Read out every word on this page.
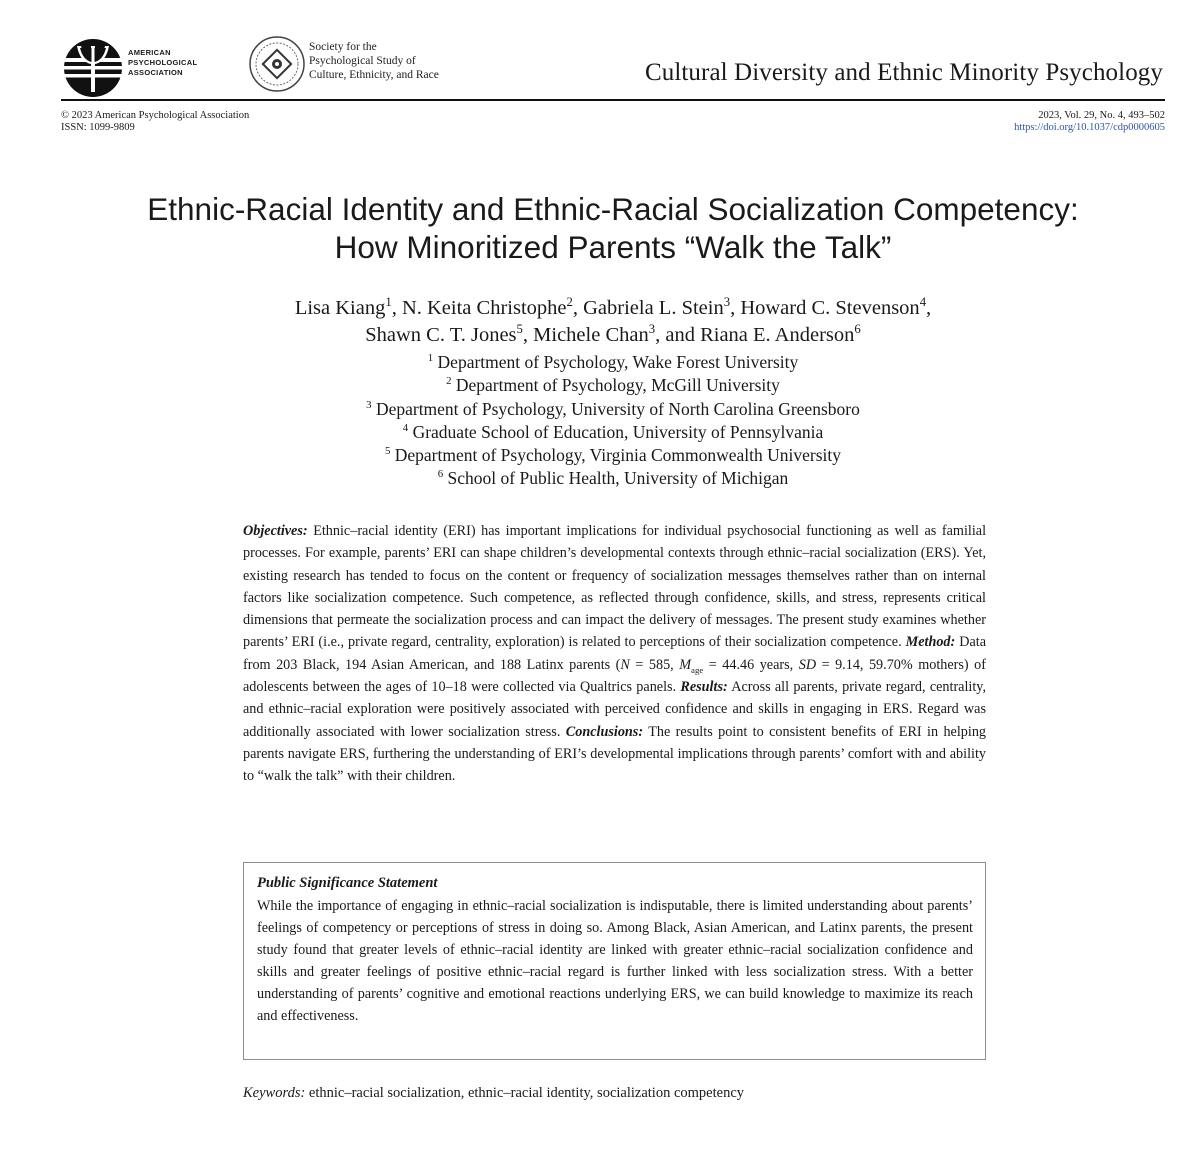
AMERICAN
PSYCHOLOGICAL
ASSOCIATION
Society for the
Psychological Study of
Culture, Ethnicity, and Race	Cultural Diversity and Ethnic Minority Psychology
© 2023 American Psychological Association
ISSN: 1099-9809
2023, Vol. 29, No. 4, 493–502
https://doi.org/10.1037/cdp0000605
Ethnic-Racial Identity and Ethnic-Racial Socialization Competency:
How Minoritized Parents “Walk the Talk”
Lisa Kiang$^1$, N. Keita Christophe$^2$, Gabriela L. Stein$^3$, Howard C. Stevenson$^4$,
Shawn C. T. Jones$^5$, Michele Chan$^3$, and Riana E. Anderson$^6$
$^1$ Department of Psychology, Wake Forest University
$^2$ Department of Psychology, McGill University
$^3$ Department of Psychology, University of North Carolina Greensboro
$^4$ Graduate School of Education, University of Pennsylvania
$^5$ Department of Psychology, Virginia Commonwealth University
$^6$ School of Public Health, University of Michigan
Objectives: Ethnic–racial identity (ERI) has important implications for individual psychosocial functioning as well as familial processes. For example, parents’ ERI can shape children’s developmental contexts through ethnic–racial socialization (ERS). Yet, existing research has tended to focus on the content or frequency of socialization messages themselves rather than on internal factors like socialization competence. Such competence, as reflected through confidence, skills, and stress, represents critical dimensions that permeate the socialization process and can impact the delivery of messages. The present study examines whether parents’ ERI (i.e., private regard, centrality, exploration) is related to perceptions of their socialization competence. Method: Data from 203 Black, 194 Asian American, and 188 Latinx parents (N = 585, $M_{age} = 44.46$ years, SD = 9.14, 59.70% mothers) of adolescents between the ages of 10–18 were collected via Qualtrics panels. Results: Across all parents, private regard, centrality, and ethnic–racial exploration were positively associated with perceived confidence and skills in engaging in ERS. Regard was additionally associated with lower socialization stress. Conclusions: The results point to consistent benefits of ERI in helping parents navigate ERS, furthering the understanding of ERI’s developmental implications through parents’ comfort with and ability to “walk the talk” with their children.
Public Significance Statement
While the importance of engaging in ethnic–racial socialization is indisputable, there is limited understanding about parents’ feelings of competency or perceptions of stress in doing so. Among Black, Asian American, and Latinx parents, the present study found that greater levels of ethnic–racial identity are linked with greater ethnic–racial socialization confidence and skills and greater feelings of positive ethnic–racial regard is further linked with less socialization stress. With a better understanding of parents’ cognitive and emotional reactions underlying ERS, we can build knowledge to maximize its reach and effectiveness.
Keywords: ethnic–racial socialization, ethnic–racial identity, socialization competency
